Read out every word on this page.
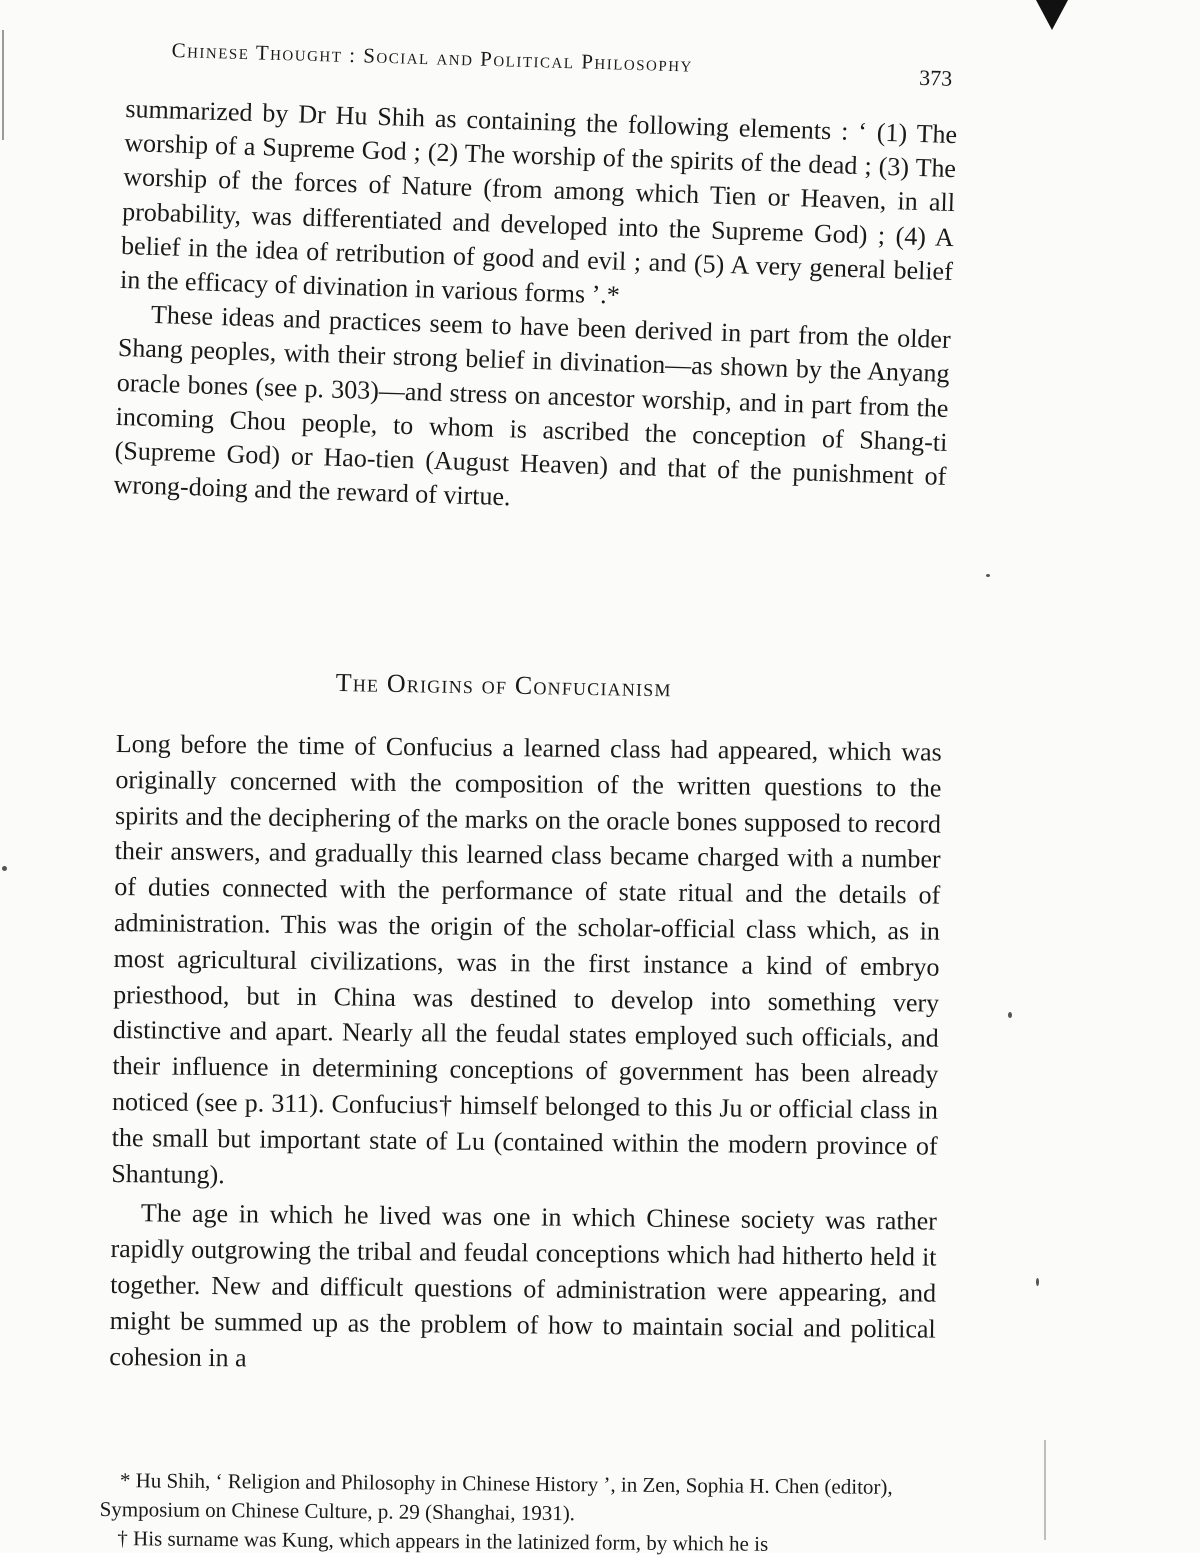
Chinese Thought : Social and Political Philosophy
373

summarized by Dr Hu Shih as containing the following elements : ‘ (1) The worship of a Supreme God ; (2) The worship of the spirits of the dead ; (3) The worship of the forces of Nature (from among which Tien or Heaven, in all probability, was differentiated and developed into the Supreme God) ; (4) A belief in the idea of retribution of good and evil ; and (5) A very general belief in the efficacy of divination in various forms ’.*

These ideas and practices seem to have been derived in part from the older Shang peoples, with their strong belief in divination—as shown by the Anyang oracle bones (see p. 303)—and stress on ancestor worship, and in part from the incoming Chou people, to whom is ascribed the conception of Shang-ti (Supreme God) or Hao-tien (August Heaven) and that of the punishment of wrong-doing and the reward of virtue.

The Origins of Confucianism

Long before the time of Confucius a learned class had appeared, which was originally concerned with the composition of the written questions to the spirits and the deciphering of the marks on the oracle bones supposed to record their answers, and gradually this learned class became charged with a number of duties connected with the performance of state ritual and the details of administration. This was the origin of the scholar-official class which, as in most agricultural civilizations, was in the first instance a kind of embryo priesthood, but in China was destined to develop into something very distinctive and apart. Nearly all the feudal states employed such officials, and their influence in determining conceptions of government has been already noticed (see p. 311). Confucius† himself belonged to this Ju or official class in the small but important state of Lu (contained within the modern province of Shantung).

The age in which he lived was one in which Chinese society was rather rapidly outgrowing the tribal and feudal conceptions which had hitherto held it together. New and difficult questions of administration were appearing, and might be summed up as the problem of how to maintain social and political cohesion in a

* Hu Shih, ‘ Religion and Philosophy in Chinese History ’, in Zen, Sophia H. Chen (editor), Symposium on Chinese Culture, p. 29 (Shanghai, 1931).

† His surname was Kung, which appears in the latinized form, by which he is
